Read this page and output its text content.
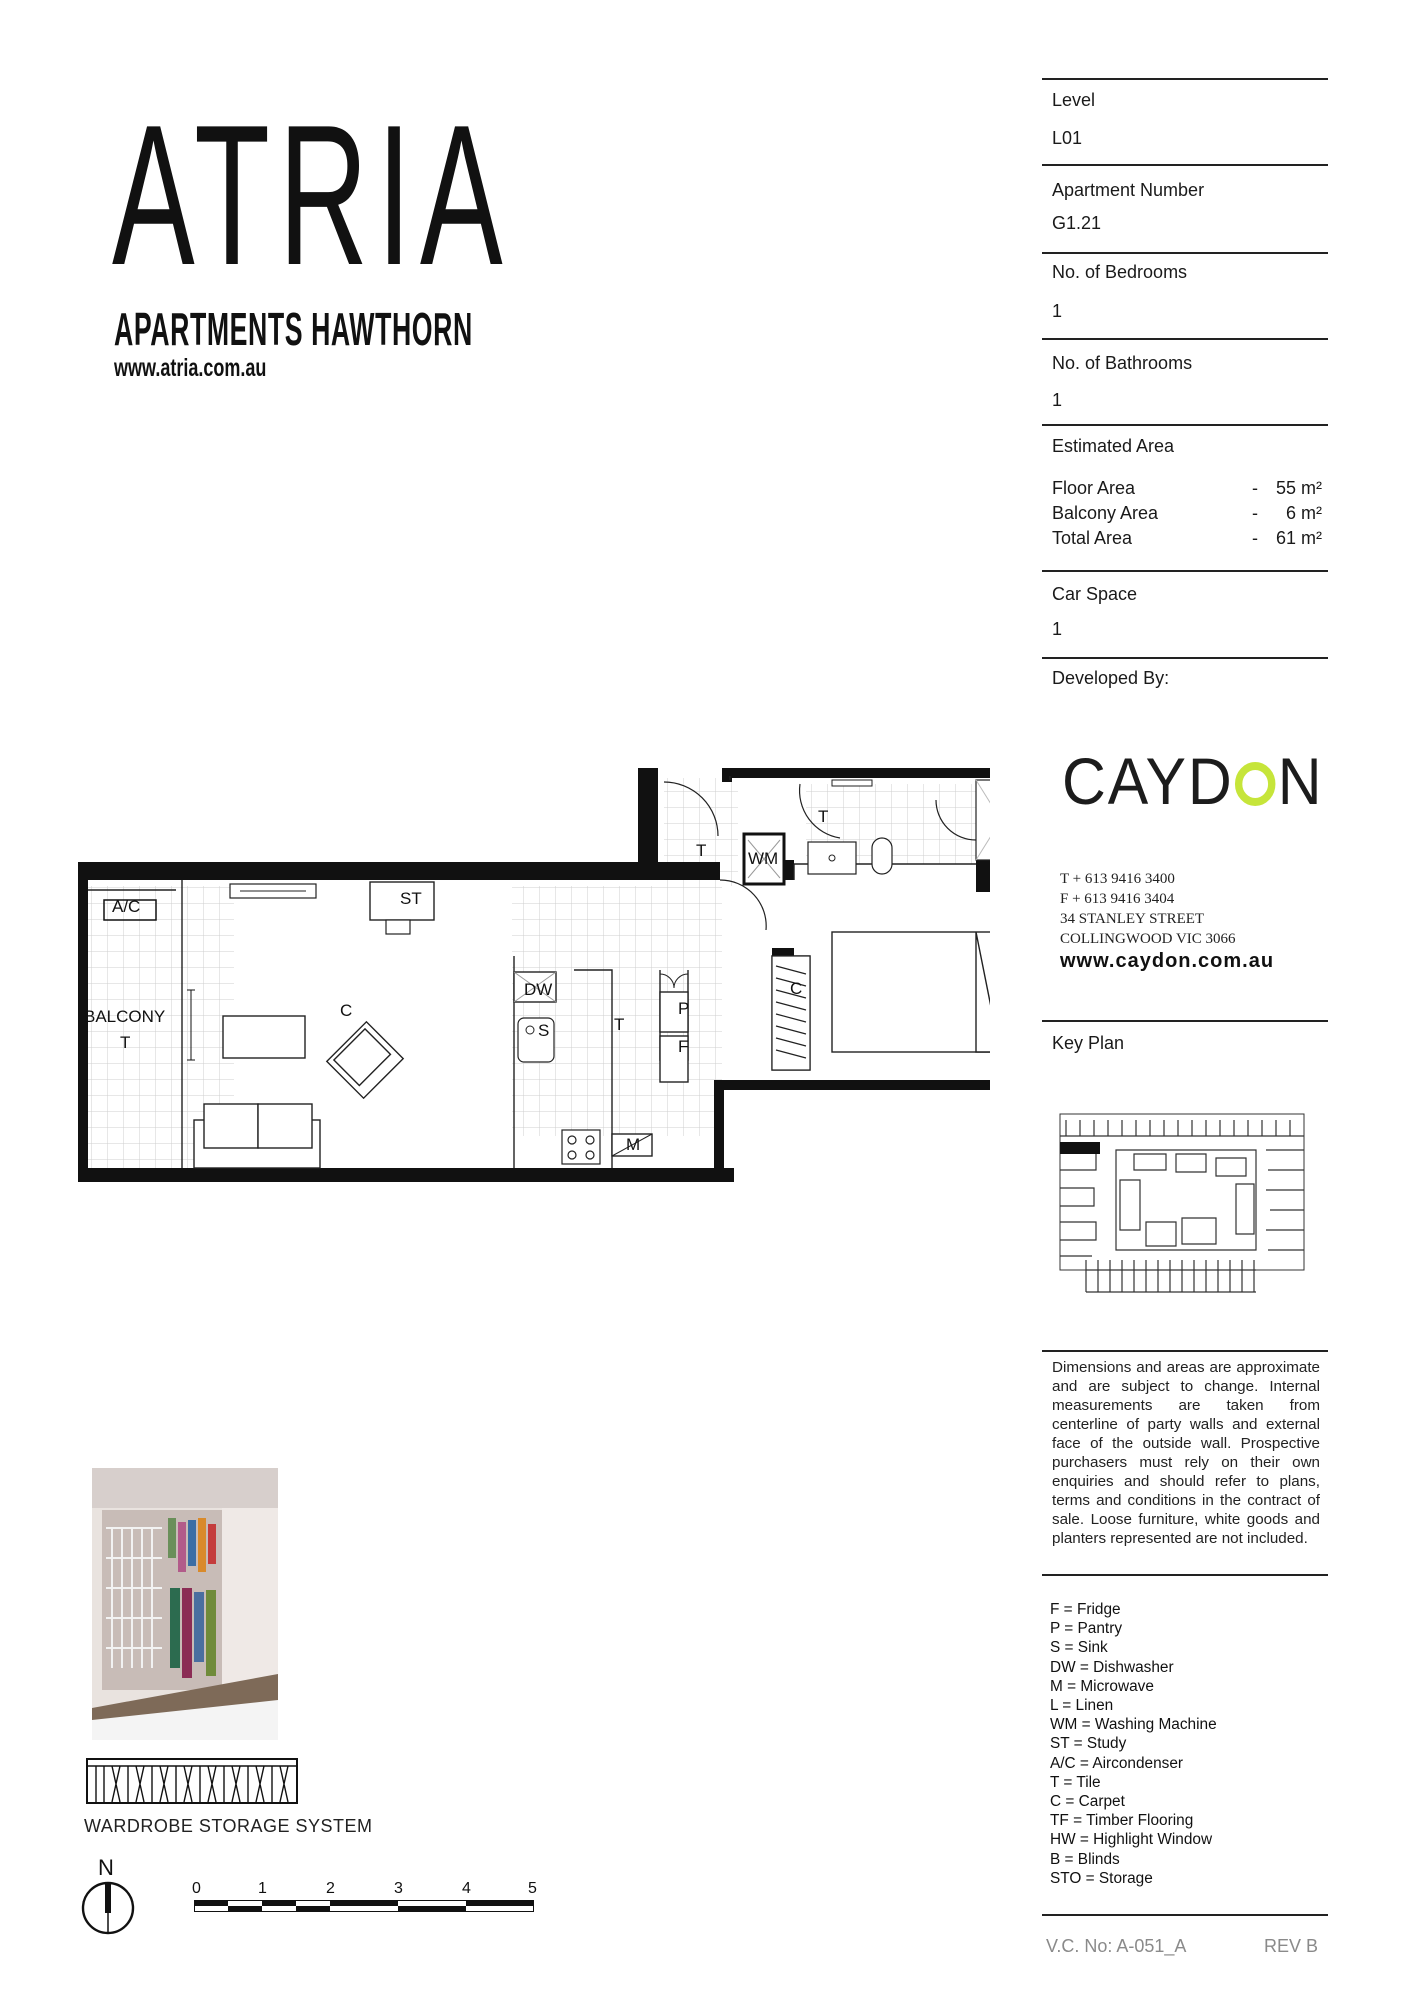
ATRIA
APARTMENTS HAWTHORN
www.atria.com.au
Level
L01
Apartment Number
G1.21
No. of Bedrooms
1
No. of Bathrooms
1
Estimated Area
Floor Area	- 55 m²
Balcony Area	- 6 m²
Total Area	- 61 m²
Car Space
1
Developed By:
CAYD N
T + 613 9416 3400
F + 613 9416 3404
34 STANLEY STREET
COLLINGWOOD VIC 3066
www.caydon.com.au
Key Plan
Dimensions and areas are approximate and are subject to change. Internal measurements are taken from centerline of party walls and external face of the outside wall. Prospective purchasers must rely on their own enquiries and should refer to plans, terms and conditions in the contract of sale. Loose furniture, white goods and planters represented are not included.
F = Fridge
P = Pantry
S = Sink
DW = Dishwasher
M = Microwave
L = Linen
WM = Washing Machine
ST = Study
A/C = Aircondenser
T = Tile
C = Carpet
TF = Timber Flooring
HW = Highlight Window
B = Blinds
STO = Storage
V.C. No: A-051_A	REV B
A/C
BALCONY
T
ST
C
T
DW
S
P
F
M
T
T
WM
C
WARDROBE STORAGE SYSTEM
N
0	1	2	3	4	5
